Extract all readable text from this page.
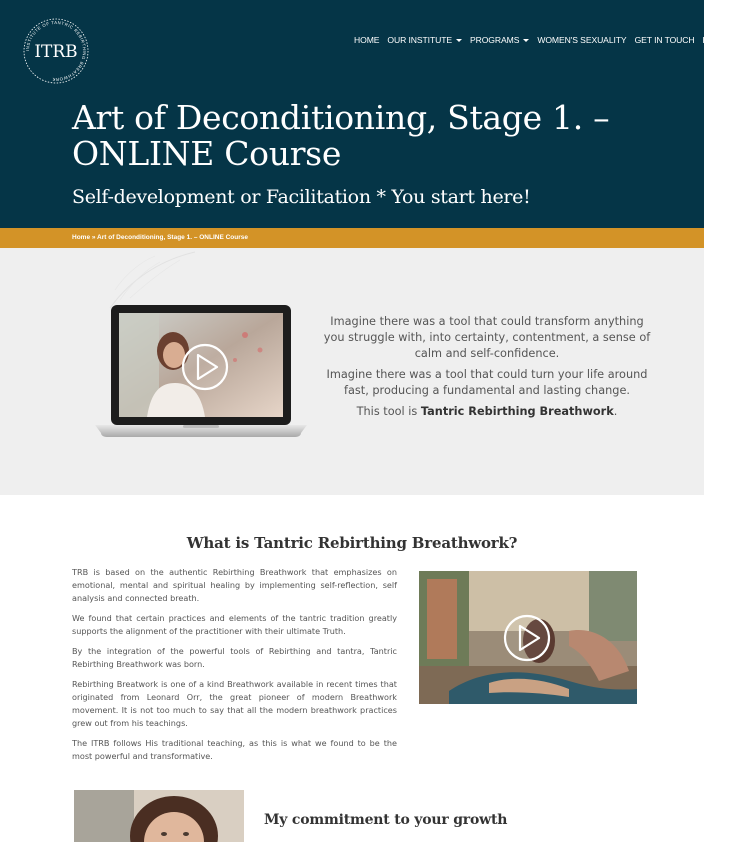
INSTITUTE OF TANTRIC REBIRTHING BREATHWORK
ITRB
HOME OUR INSTITUTE PROGRAMS WOMEN'S SEXUALITY GET IN TOUCH LOGIN
Art of Deconditioning, Stage 1. – ONLINE Course
Self-development or Facilitation * You start here!
Home » Art of Deconditioning, Stage 1. – ONLINE Course

Imagine there was a tool that could transform anything you struggle with, into certainty, contentment, a sense of calm and self-confidence.

Imagine there was a tool that could turn your life around fast, producing a fundamental and lasting change.

This tool is Tantric Rebirthing Breathwork.

What is Tantric Rebirthing Breathwork?

TRB is based on the authentic Rebirthing Breathwork that emphasizes on emotional, mental and spiritual healing by implementing self-reflection, self analysis and connected breath.

We found that certain practices and elements of the tantric tradition greatly supports the alignment of the practitioner with their ultimate Truth.

By the integration of the powerful tools of Rebirthing and tantra, Tantric Rebirthing Breathwork was born.

Rebirthing Breatwork is one of a kind Breathwork available in recent times that originated from Leonard Orr, the great pioneer of modern Breathwork movement. It is not too much to say that all the modern breathwork practices grew out from his teachings.

The ITRB follows His traditional teaching, as this is what we found to be the most powerful and transformative.

My commitment to your growth
